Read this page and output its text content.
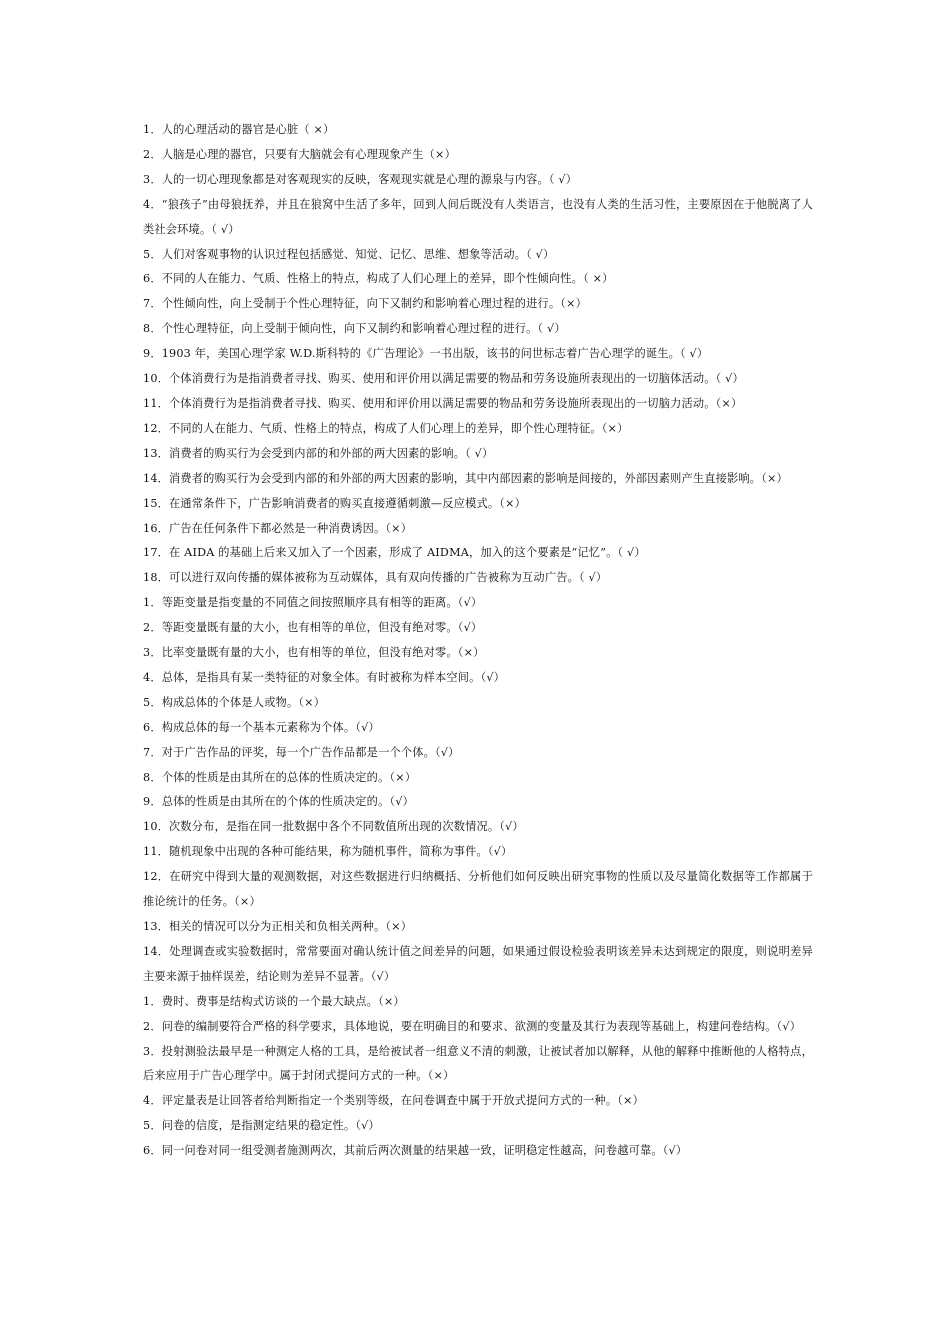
1．人的心理活动的器官是心脏（ ×）

2．人脑是心理的器官，只要有大脑就会有心理现象产生（×）

3．人的一切心理现象都是对客观现实的反映，客观现实就是心理的源泉与内容。（ √）

4．“狼孩子”由母狼抚养，并且在狼窝中生活了多年，回到人间后既没有人类语言，也没有人类的生活习性，主要原因在于他脱离了人类社会环境。（ √）

5．人们对客观事物的认识过程包括感觉、知觉、记忆、思维、想象等活动。（ √）

6．不同的人在能力、气质、性格上的特点，构成了人们心理上的差异，即个性倾向性。（ ×）

7．个性倾向性，向上受制于个性心理特征，向下又制约和影响着心理过程的进行。（×）

8．个性心理特征，向上受制于倾向性，向下又制约和影响着心理过程的进行。（ √）

9．1903 年，美国心理学家 W.D.斯科特的《广告理论》一书出版，该书的问世标志着广告心理学的诞生。（ √）

10．个体消费行为是指消费者寻找、购买、使用和评价用以满足需要的物品和劳务设施所表现出的一切脑体活动。（ √）

11．个体消费行为是指消费者寻找、购买、使用和评价用以满足需要的物品和劳务设施所表现出的一切脑力活动。（×）

12．不同的人在能力、气质、性格上的特点，构成了人们心理上的差异，即个性心理特征。（×）

13．消费者的购买行为会受到内部的和外部的两大因素的影响。（ √）

14．消费者的购买行为会受到内部的和外部的两大因素的影响，其中内部因素的影响是间接的，外部因素则产生直接影响。（×）

15．在通常条件下，广告影响消费者的购买直接遵循刺激—反应模式。（×）

16．广告在任何条件下都必然是一种消费诱因。（×）

17．在 AIDA 的基础上后来又加入了一个因素，形成了 AIDMA，加入的这个要素是“记忆”。（ √）

18．可以进行双向传播的媒体被称为互动媒体，具有双向传播的广告被称为互动广告。（ √）

1．等距变量是指变量的不同值之间按照顺序具有相等的距离。（√）

2．等距变量既有量的大小，也有相等的单位，但没有绝对零。（√）

3．比率变量既有量的大小，也有相等的单位，但没有绝对零。（×）

4．总体，是指具有某一类特征的对象全体。有时被称为样本空间。（√）

5．构成总体的个体是人或物。（×）

6．构成总体的每一个基本元素称为个体。（√）

7．对于广告作品的评奖，每一个广告作品都是一个个体。（√）

8．个体的性质是由其所在的总体的性质决定的。（×）

9．总体的性质是由其所在的个体的性质决定的。（√）

10．次数分布，是指在同一批数据中各个不同数值所出现的次数情况。（√）

11．随机现象中出现的各种可能结果，称为随机事件，简称为事件。（√）

12．在研究中得到大量的观测数据，对这些数据进行归纳概括、分析他们如何反映出研究事物的性质以及尽量简化数据等工作都属于推论统计的任务。（×）

13．相关的情况可以分为正相关和负相关两种。（×）

14．处理调查或实验数据时，常常要面对确认统计值之间差异的问题，如果通过假设检验表明该差异未达到规定的限度，则说明差异主要来源于抽样误差，结论则为差异不显著。（√）

1．费时、费事是结构式访谈的一个最大缺点。（×）

2．问卷的编制要符合严格的科学要求，具体地说，要在明确目的和要求、欲测的变量及其行为表现等基础上，构建问卷结构。（√）

3．投射测验法最早是一种测定人格的工具，是给被试者一组意义不清的刺激，让被试者加以解释，从他的解释中推断他的人格特点，后来应用于广告心理学中。属于封闭式提问方式的一种。（×）

4．评定量表是让回答者给判断指定一个类别等级，在问卷调查中属于开放式提问方式的一种。（×）

5．问卷的信度，是指测定结果的稳定性。（√）

6．同一问卷对同一组受测者施测两次，其前后两次测量的结果越一致，证明稳定性越高，问卷越可靠。（√）
